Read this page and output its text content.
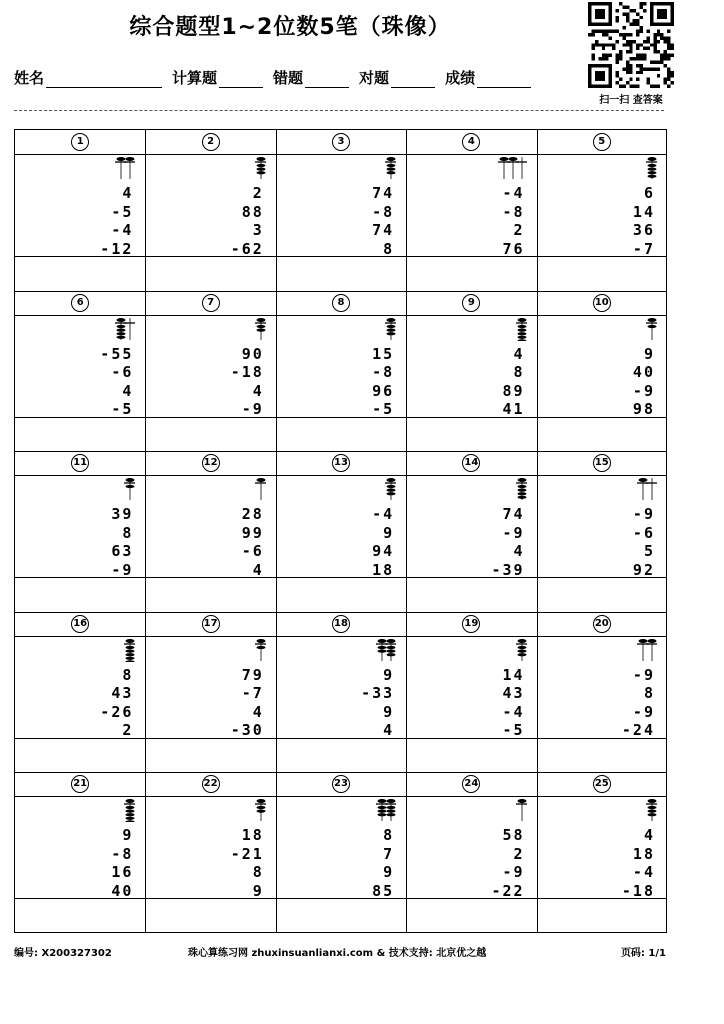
综合题型1~2位数5笔（珠像）
姓名	计算题	错题	对题	成绩
扫一扫 查答案
1
4
-5
-4
-12
2
2
88
3
-62
3
74
-8
74
8
4
-4
-8
2
76
5
6
14
36
-7
6
-55
-6
4
-5
7
90
-18
4
-9
8
15
-8
96
-5
9
4
8
89
41
10
9
40
-9
98
11
39
8
63
-9
12
28
99
-6
4
13
-4
9
94
18
14
74
-9
4
-39
15
-9
-6
5
92
16
8
43
-26
2
17
79
-7
4
-30
18
9
-33
9
4
19
14
43
-4
-5
20
-9
8
-9
-24
21
9
-8
16
40
22
18
-21
8
9
23
8
7
9
85
24
58
2
-9
-22
25
4
18
-4
-18
编号: X200327302	珠心算练习网 zhuxinsuanlianxi.com & 技术支持: 北京优之越	页码: 1/1
